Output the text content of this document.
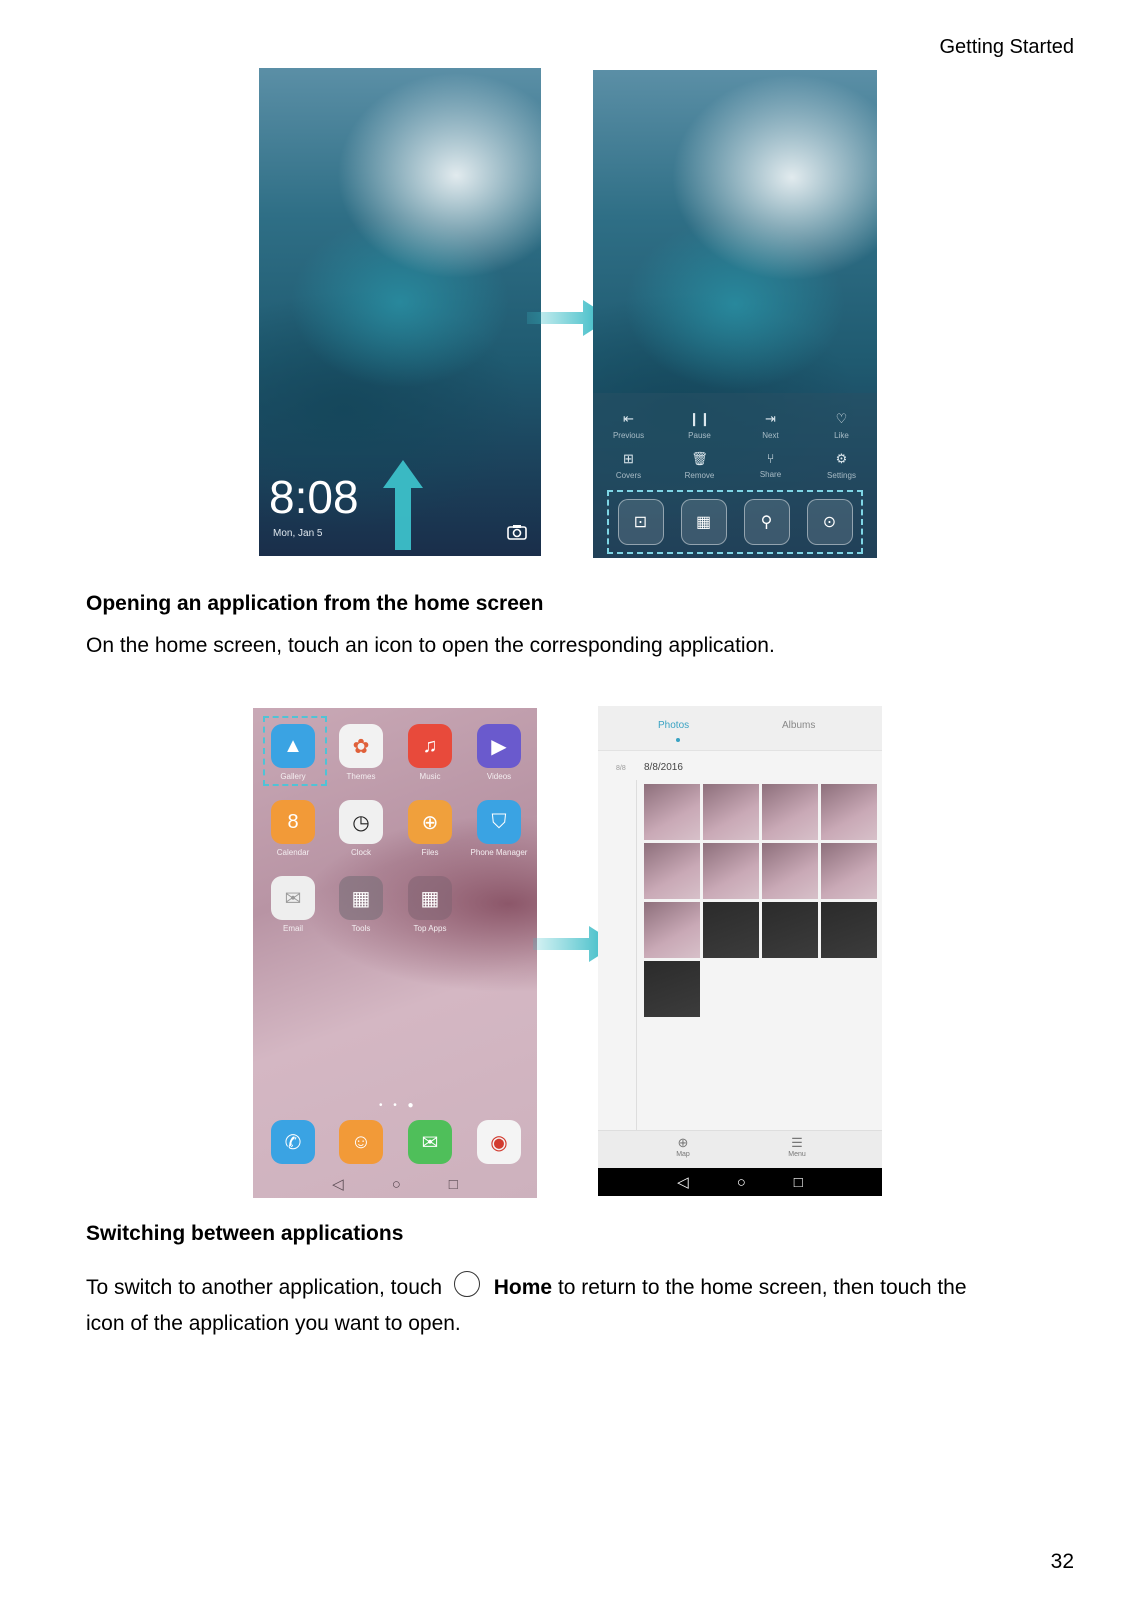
Getting Started
8:08
Mon, Jan 5
⇤
Previous
❙❙
Pause
⇥
Next
♡
Like
⊞
Covers
🗑
Remove
⑂
Share
⚙
Settings
⊡	▦	⚲	⊙
Opening an application from the home screen
On the home screen, touch an icon to open the corresponding application.
▲ ✿	♫	▶
Gallery	Themes	Music	Videos
8	◷	⊕	⛉
Calendar	Clock	Files	Phone Manager
✉	▦	▦
Email	Tools	Top Apps
• • ●
✆ ☺	✉	◉
◁	○	□
Photos	Albums
8/8 8/8/2016
⊕
Map
☰
Menu
◁	○	□
Switching between applications
To switch to another application, touch Home to return to the home screen, then touch the
icon of the application you want to open.
32
